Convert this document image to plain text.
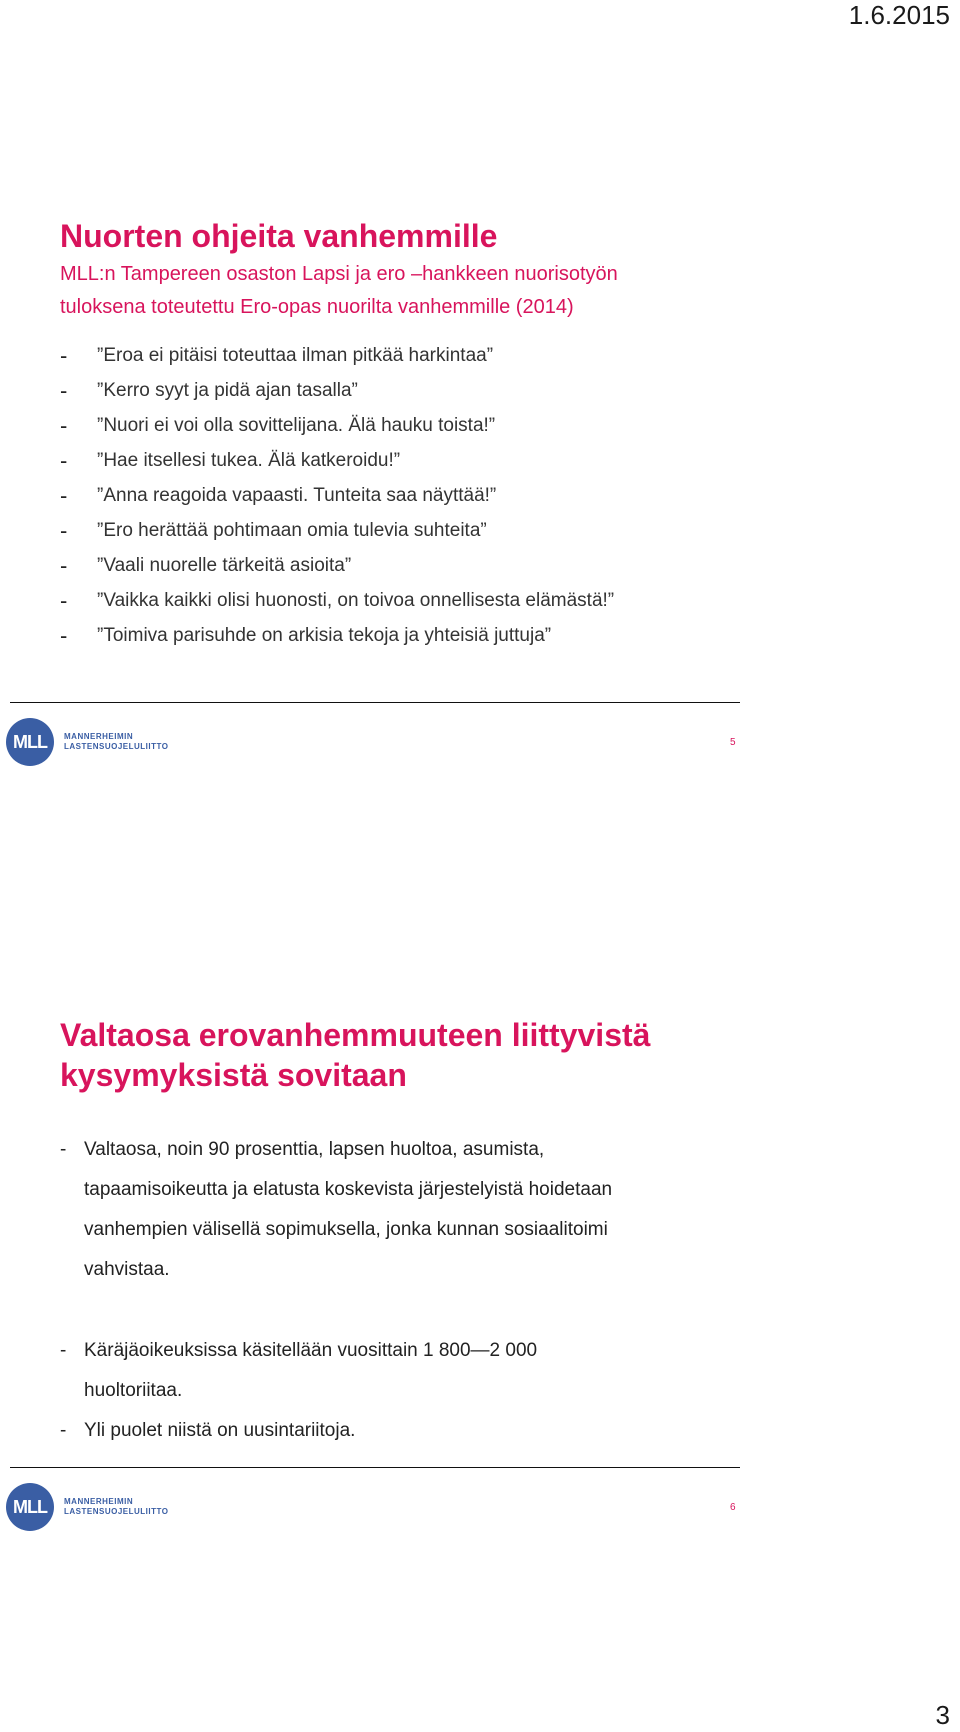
1.6.2015
Nuorten ohjeita vanhemmille
MLL:n Tampereen osaston Lapsi ja ero –hankkeen nuorisotyön
tuloksena toteutettu Ero-opas nuorilta vanhemmille (2014)
-	”Eroa ei pitäisi toteuttaa ilman pitkää harkintaa”
-	”Kerro syyt ja pidä ajan tasalla”
-	”Nuori ei voi olla sovittelijana. Älä hauku toista!”
-	”Hae itsellesi tukea. Älä katkeroidu!”
-	”Anna reagoida vapaasti. Tunteita saa näyttää!”
-	”Ero herättää pohtimaan omia tulevia suhteita”
-	”Vaali nuorelle tärkeitä asioita”
-	”Vaikka kaikki olisi huonosti, on toivoa onnellisesta elämästä!”
-	”Toimiva parisuhde on arkisia tekoja ja yhteisiä juttuja”
MLL	MANNERHEIMIN
LASTENSUOJELULIITTO	5
Valtaosa erovanhemmuuteen liittyvistä
kysymyksistä sovitaan
- Valtaosa, noin 90 prosenttia, lapsen huoltoa, asumista,
tapaamisoikeutta ja elatusta koskevista järjestelyistä hoidetaan
vanhempien välisellä sopimuksella, jonka kunnan sosiaalitoimi
vahvistaa.
- Käräjäoikeuksissa käsitellään vuosittain 1 800—2 000
huoltoriitaa.
- Yli puolet niistä on uusintariitoja.
MLL	MANNERHEIMIN
LASTENSUOJELULIITTO	6
3
